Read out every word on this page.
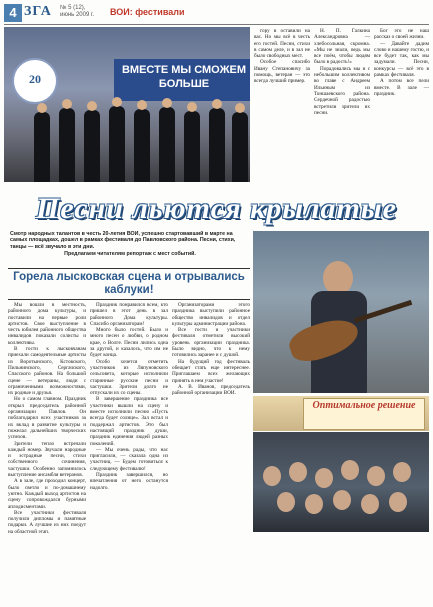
4 ЗГА № 5 (12), июнь 2009 г.	ВОИ: фестивали
20
ВМЕСТЕ МЫ СМОЖЕМ БОЛЬШЕ

гору в оставили на вас. Но мы всё в честь его гостей. Песни, стихи в самом деле, и в зал не было свободных мест.

Особое спасибо Ивану Степановичу за помощь, ветеран — это всегда лучший пример.

Н. П. Галкина Александровна — хлебосольная, скромна. «Мы не знали, ведь мы все поём, чтобы людям было в радость!»

Порадовались мы и с небольшим коллективом во главе с Андреем Ильиным из Тоншаевского района. Сердечной радостью встретили зрители их песни.

Бог это не наш рассказ о своей жизни.

— Давайте дадим слово и нашему гостю, и все будет так, как мы задумали. Песни, конкурсы — всё это в рамках фестиваля.

А потом все пели вместе. В зале — праздник.

Песни льются крылатые
Смотр народных талантов в честь 20-летия ВОИ, успешно стартовавший в марте на самых площадках, дошел в рамках фестиваля до Павловского района. Песни, стихи, танцы — всё звучало в эти дни.
Предлагаем читателям репортаж с мест событий.
Горела лысковская сцена и отрывались каблуки!

Мы вошли в местность, районного дома культуры, и поставили на первые роли артистов. Свое выступление в честь юбилея районного общества инвалидов показали солисты и коллективы.

В гости к лысковчанам приехали самодеятельные артисты из Воротынского, Кстовского, Пильнинского, Сергачского, Спасского районов. На большой сцене — ветераны, люди с ограниченными возможностями, их родные и друзья.

Но о самом главном. Праздник открыл председатель районной организации Павлов. Он поблагодарил всех участников за их вклад в развитие культуры и пожелал дальнейших творческих успехов.

Зрители тепло встречали каждый номер. Звучали народные и эстрадные песни, стихи собственного сочинения, частушки. Особенно запомнилось выступление ансамбля ветеранов.

А в зале, где проходил концерт, было светло и по-домашнему уютно. Каждый выход артистов на сцену сопровождался бурными аплодисментами.

Все участники фестиваля получили дипломы и памятные подарки. А лучшие из них поедут на областной этап.

Праздник понравился всем, кто пришел в этот день в зал районного Дома культуры. Спасибо организаторам!

Много было гостей. Было и много песен о любви, о родном крае, о Волге. Песни лились одна за другой, и казалось, что им не будет конца.

Особо хочется отметить участников из Ляпуновского сельсовета, которые исполнили старинные русские песни и частушки. Зрители долго не отпускали их со сцены.

В завершение праздника все участники вышли на сцену и вместе исполнили песню «Пусть всегда будет солнце». Зал встал и поддержал артистов. Это был настоящий праздник души, праздник единения людей разных поколений.

— Мы очень рады, что нас пригласили, — сказала одна из участниц. — Будем готовиться к следующему фестивалю!

Праздник завершился, но впечатления от него останутся надолго.

Организаторами этого праздника выступили районное общество инвалидов и отдел культуры администрации района.

Все гости и участники фестиваля отметили высокий уровень организации праздника. Было видно, что к нему готовились заранее и с душой.

На будущий год фестиваль обещает стать еще интереснее. Приглашаем всех желающих принять в нем участие!

А. В. Иванов, председатель районной организации ВОИ.

Оптимальное решение
